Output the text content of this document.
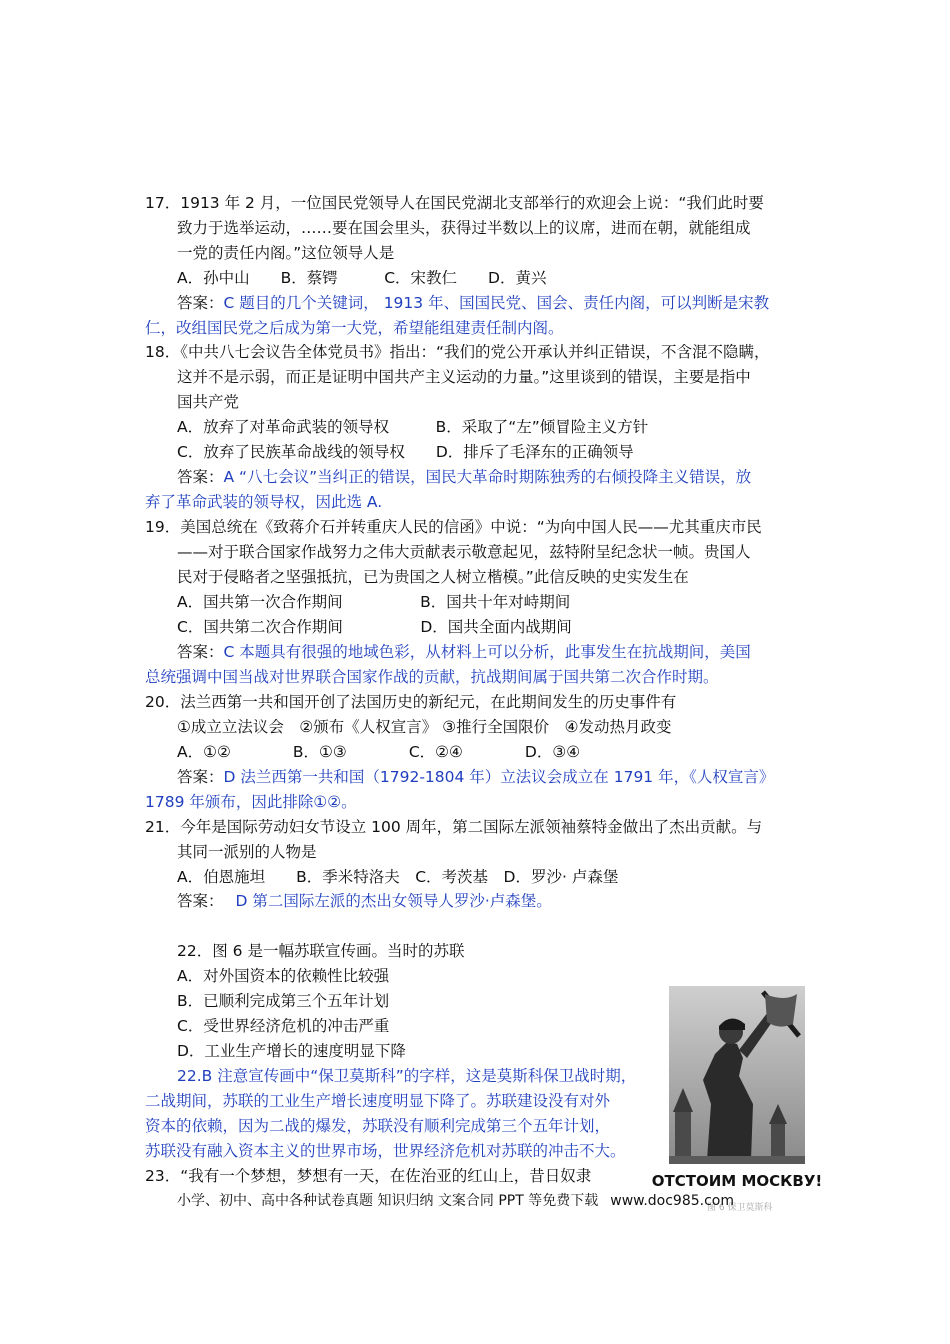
17．1913 年 2 月，一位国民党领导人在国民党湖北支部举行的欢迎会上说：“我们此时要
致力于选举运动，……要在国会里头，获得过半数以上的议席，进而在朝，就能组成
一党的责任内阁。”这位领导人是
A．孙中山　　B．蔡锷　　　C．宋教仁　　D．黄兴
答案：C 题目的几个关键词， 1913 年、国国民党、国会、责任内阁，可以判断是宋教
仁，改组国民党之后成为第一大党，希望能组建责任制内阁。
18．《中共八七会议告全体党员书》指出：“我们的党公开承认并纠正错误，不含混不隐瞒，
这并不是示弱，而正是证明中国共产主义运动的力量。”这里谈到的错误，主要是指中
国共产党
A．放弃了对革命武装的领导权　　　B．采取了“左”倾冒险主义方针
C．放弃了民族革命战线的领导权　　D．排斥了毛泽东的正确领导
答案：A “八七会议”当纠正的错误，国民大革命时期陈独秀的右倾投降主义错误，放
弃了革命武装的领导权，因此选 A.
19．美国总统在《致蒋介石并转重庆人民的信函》中说：“为向中国人民——尤其重庆市民
——对于联合国家作战努力之伟大贡献表示敬意起见，兹特附呈纪念状一帧。贵国人
民对于侵略者之坚强抵抗，已为贵国之人树立楷模。”此信反映的史实发生在
A．国共第一次合作期间　　　　　B．国共十年对峙期间
C．国共第二次合作期间　　　　　D．国共全面内战期间
答案：C 本题具有很强的地域色彩，从材料上可以分析，此事发生在抗战期间，美国
总统强调中国当战对世界联合国家作战的贡献，抗战期间属于国共第二次合作时期。
20．法兰西第一共和国开创了法国历史的新纪元，在此期间发生的历史事件有
①成立立法议会　②颁布《人权宣言》 ③推行全国限价　④发动热月政变
A．①②　　　　B．①③　　　　C．②④　　　　D．③④
答案：D 法兰西第一共和国（1792-1804 年）立法议会成立在 1791 年，《人权宣言》
1789 年颁布，因此排除①②。
21．今年是国际劳动妇女节设立 100 周年，第二国际左派领袖蔡特金做出了杰出贡献。与
其同一派别的人物是
A．伯恩施坦　　B．季米特洛夫　C．考茨基　D．罗沙· 卢森堡
答案： D 第二国际左派的杰出女领导人罗沙·卢森堡。
22．图 6 是一幅苏联宣传画。当时的苏联
A．对外国资本的依赖性比较强
B．已顺利完成第三个五年计划
C．受世界经济危机的冲击严重
D．工业生产增长的速度明显下降
22.B 注意宣传画中“保卫莫斯科”的字样，这是莫斯科保卫战时期，
二战期间，苏联的工业生产增长速度明显下降了。苏联建设没有对外
资本的依赖，因为二战的爆发，苏联没有顺利完成第三个五年计划，
苏联没有融入资本主义的世界市场，世界经济危机对苏联的冲击不大。
ОТСТОИМ МОСКВУ!
图 6 保卫莫斯科
23．“我有一个梦想，梦想有一天，在佐治亚的红山上，昔日奴隶
小学、初中、高中各种试卷真题 知识归纳 文案合同 PPT 等免费下载 www.doc985.com
